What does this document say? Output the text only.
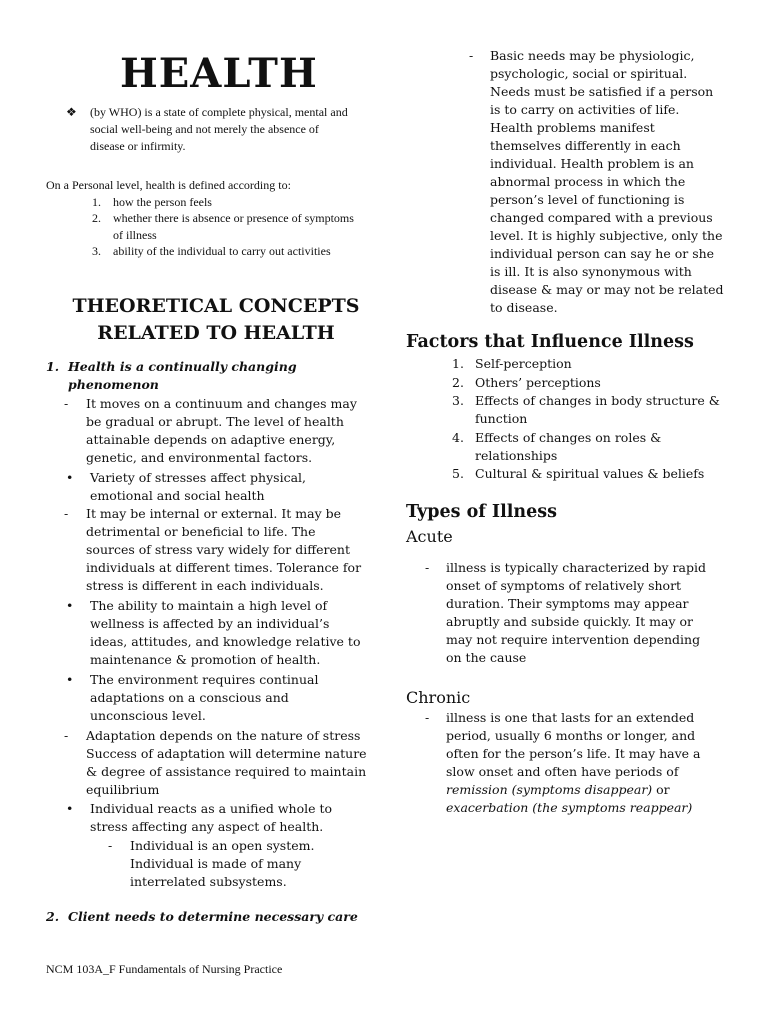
HEALTH
❖ (by WHO) is a state of complete physical, mental and social well-being and not merely the absence of disease or infirmity.
On a Personal level, health is defined according to:
1. how the person feels
2. whether there is absence or presence of symptoms of illness
3. ability of the individual to carry out activities
THEORETICAL CONCEPTS
RELATED TO HEALTH
1. Health is a continually changing phenomenon
- It moves on a continuum and changes may be gradual or abrupt. The level of health attainable depends on adaptive energy, genetic, and environmental factors.
• Variety of stresses affect physical, emotional and social health
- It may be internal or external. It may be detrimental or beneficial to life. The sources of stress vary widely for different individuals at different times. Tolerance for stress is different in each individuals.
• The ability to maintain a high level of wellness is affected by an individual’s ideas, attitudes, and knowledge relative to maintenance & promotion of health.
• The environment requires continual adaptations on a conscious and unconscious level.
- Adaptation depends on the nature of stress Success of adaptation will determine nature & degree of assistance required to maintain equilibrium
• Individual reacts as a unified whole to stress affecting any aspect of health.
- Individual is an open system. Individual is made of many interrelated subsystems.
2. Client needs to determine necessary care
- Basic needs may be physiologic, psychologic, social or spiritual. Needs must be satisfied if a person is to carry on activities of life. Health problems manifest themselves differently in each individual. Health problem is an abnormal process in which the person’s level of functioning is changed compared with a previous level. It is highly subjective, only the individual person can say he or she is ill. It is also synonymous with disease & may or may not be related to disease.
Factors that Influence Illness
1. Self-perception
2. Others’ perceptions
3. Effects of changes in body structure & function
4. Effects of changes on roles & relationships
5. Cultural & spiritual values & beliefs
Types of Illness
Acute
- illness is typically characterized by rapid onset of symptoms of relatively short duration. Their symptoms may appear abruptly and subside quickly. It may or may not require intervention depending on the cause
Chronic
- illness is one that lasts for an extended period, usually 6 months or longer, and often for the person’s life. It may have a slow onset and often have periods of remission (symptoms disappear) or exacerbation (the symptoms reappear)
NCM 103A_F Fundamentals of Nursing Practice
